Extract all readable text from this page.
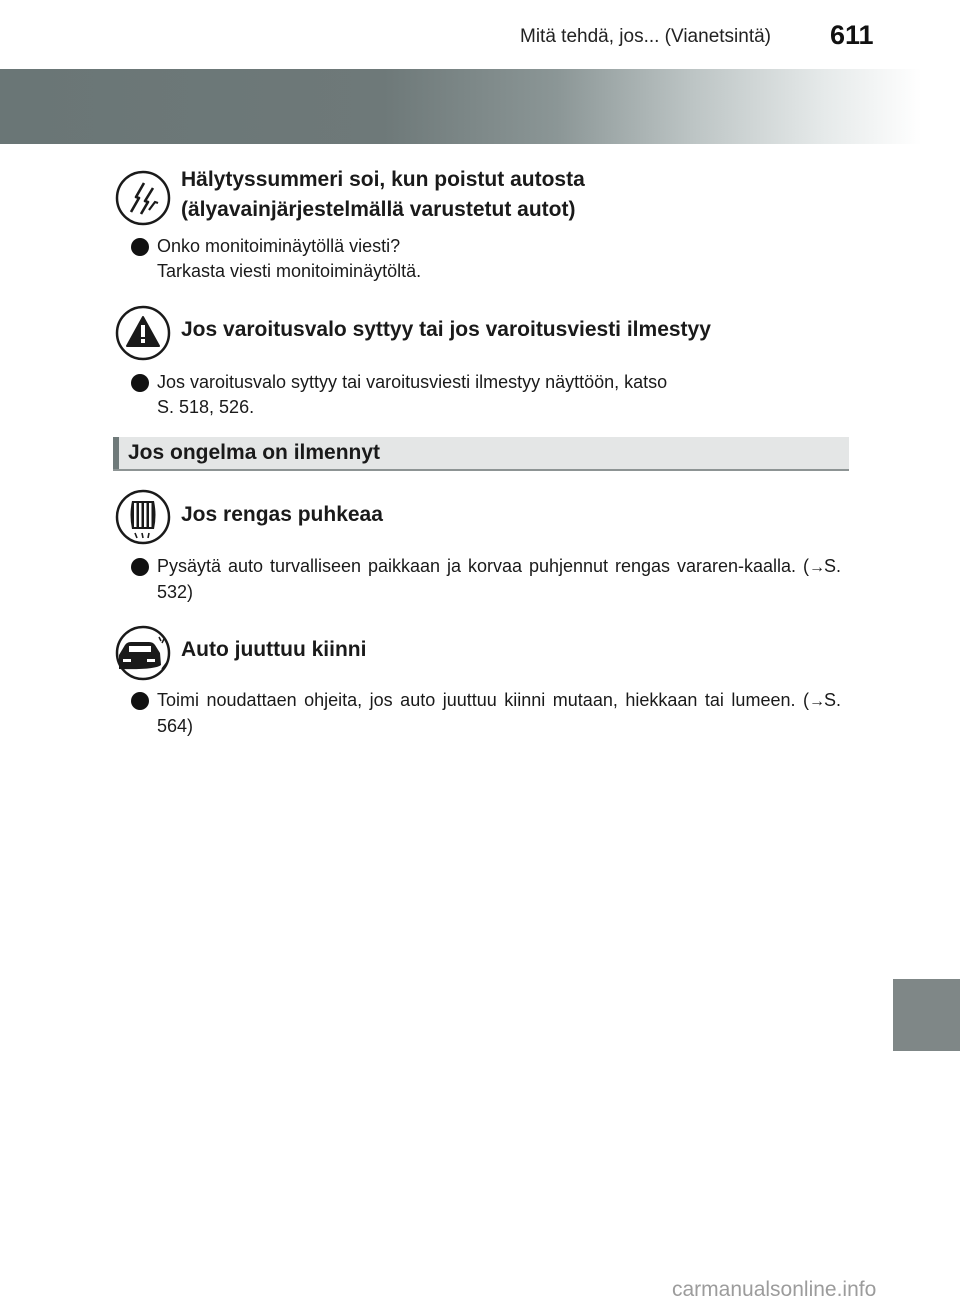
Mitä tehdä, jos... (Vianetsintä) 611
Hälytyssummeri soi, kun poistut autosta
(älyavainjärjestelmällä varustetut autot)

Onko monitoiminäytöllä viesti?

Tarkasta viesti monitoiminäytöltä.

Jos varoitusvalo syttyy tai jos varoitusviesti ilmestyy

Jos varoitusvalo syttyy tai varoitusviesti ilmestyy näyttöön, katso

S. 518, 526.

Jos ongelma on ilmennyt
Jos rengas puhkeaa

Pysäytä auto turvalliseen paikkaan ja korvaa puhjennut rengas vararen-kaalla. (→S. 532)

Auto juuttuu kiinni

Toimi noudattaen ohjeita, jos auto juuttuu kiinni mutaan, hiekkaan tai lumeen. (→S. 564)

carmanualsonline.info
